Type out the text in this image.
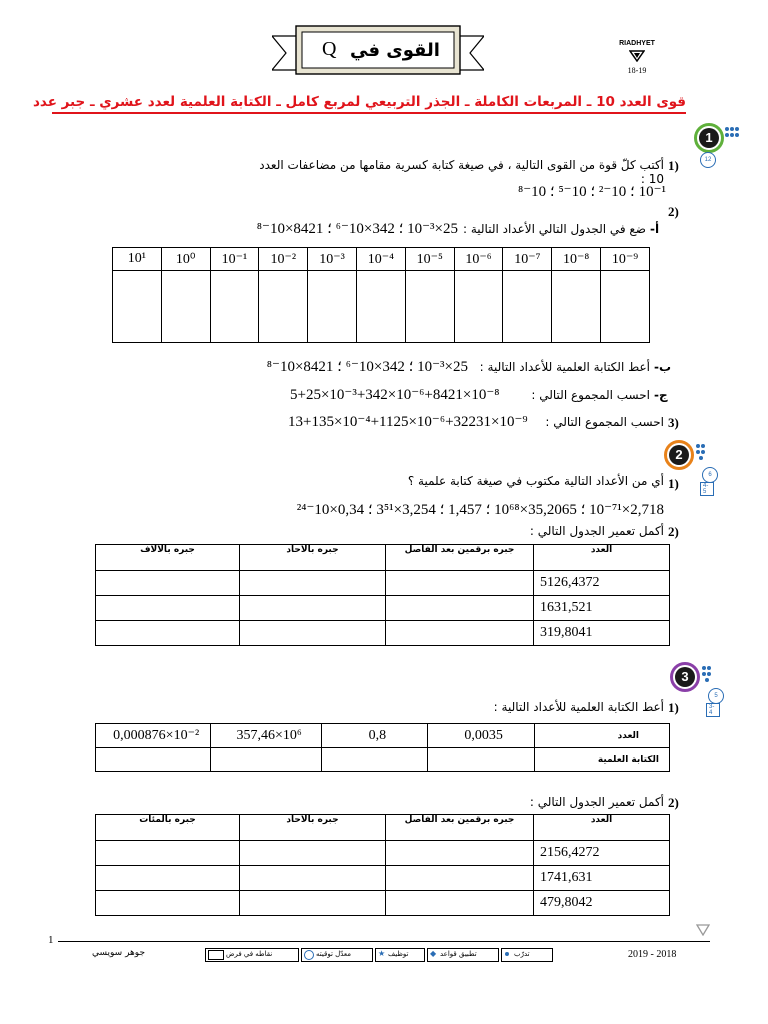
Q القوى في	RIADHYET
18-19
قوى العدد 10 ـ المربعات الكاملة ـ الجذر التربيعي لمربع كامل ـ الكتابة العلمية لعدد عشري ـ جبر عدد
1
12
1)
أكتب كلّ قوة من القوى التالية ، في صيغة كتابة كسرية مقامها من مضاعفات العدد 10 :
10⁻¹ ؛ 10⁻² ؛ 10⁻⁵ ؛ 10⁻⁸
2)
أ-
ضع في الجدول التالي الأعداد التالية :
25×10⁻³ ؛ 342×10⁻⁶ ؛ 8421×10⁻⁸
10¹	10⁰	10⁻¹	10⁻²	10⁻³	10⁻⁴	10⁻⁵	10⁻⁶	10⁻⁷	10⁻⁸	10⁻⁹

ب-
أعط الكتابة العلمية للأعداد التالية :
25×10⁻³ ؛ 342×10⁻⁶ ؛ 8421×10⁻⁸
ج-
احسب المجموع التالي :
5+25×10⁻³+342×10⁻⁶+8421×10⁻⁸
3)
احسب المجموع التالي :
13+135×10⁻⁴+1125×10⁻⁶+32231×10⁻⁹
2
6
4-5
1)
أي من الأعداد التالية مكتوب في صيغة كتابة علمية ؟
2,718×10⁻⁷¹ ؛ 35,2065×10⁶⁸ ؛ 1,457 ؛ 3,254×3⁵¹ ؛ 0,34×10⁻²⁴
2)
أكمل تعمير الجدول التالي :
جبره بالآلاف	جبره بالآحاد	جبره برقمين بعد الفاصل	العدد
			5126,4372
			1631,521
			319,8041
3
5
3-4
1)
أعط الكتابة العلمية للأعداد التالية :
0,000876×10⁻²	357,46×10⁶	0,8	0,0035	العدد
				الكتابة العلمية
2)
أكمل تعمير الجدول التالي :
جبره بالمئات	جبره بالآحاد	جبره برقمين بعد الفاصل	العدد
			2156,4272
			1741,631
			479,8042
1
جوهر سويسي	2019 - 2018
نقاطه في فرض	معدّل توقيته	★ توظيف	◆ تطبيق قواعد	تدرّب
